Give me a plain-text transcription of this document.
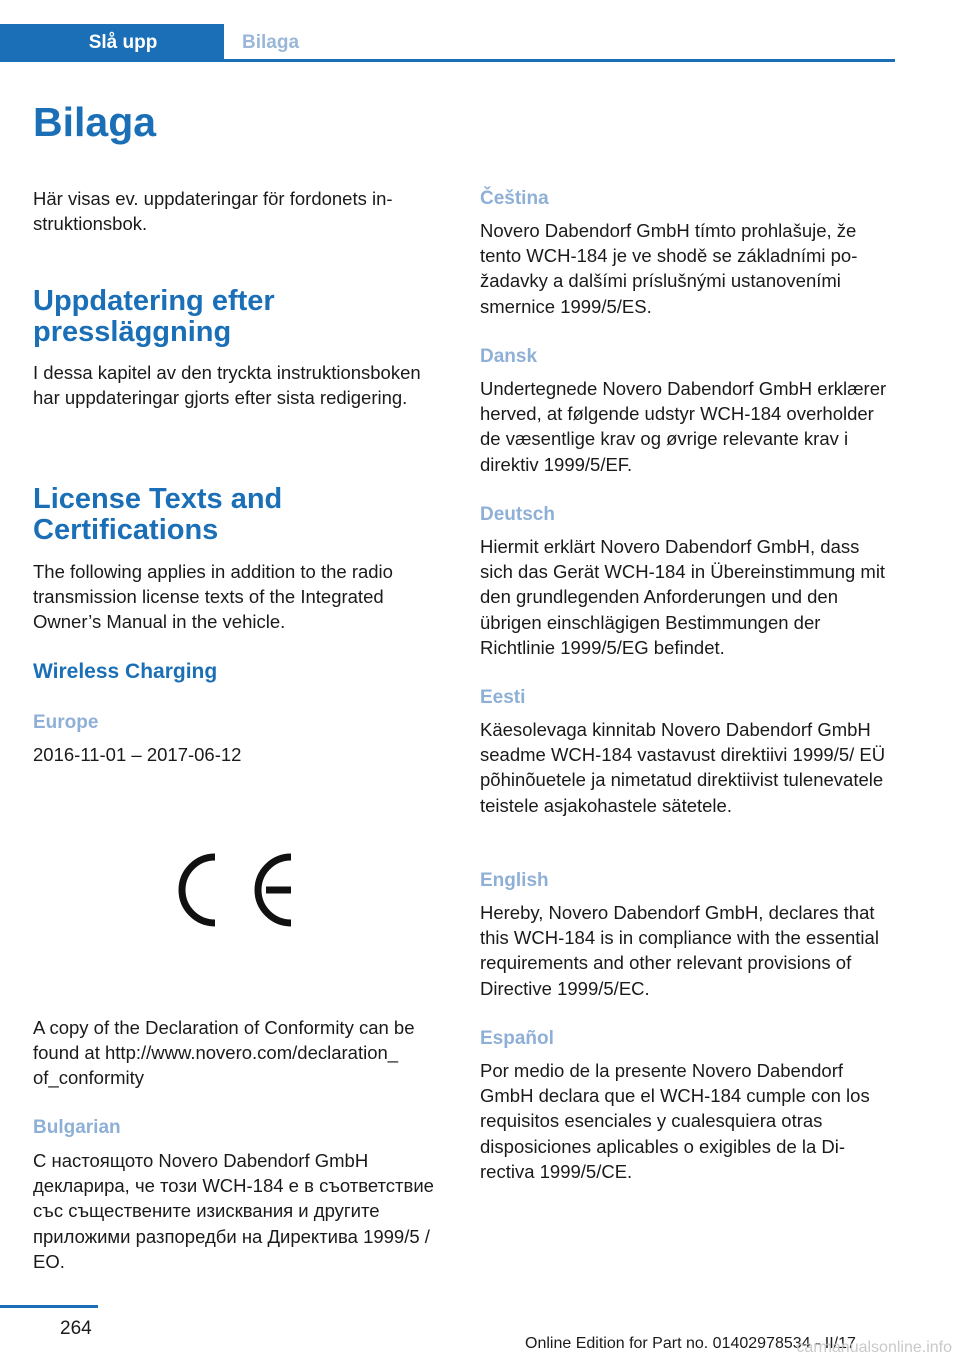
Slå upp	Bilaga
Bilaga

Här visas ev. uppdateringar för fordonets instruktionsbok.

Uppdatering efter pressläggning

I dessa kapitel av den tryckta instruktionsboken har uppdateringar gjorts efter sista redigering.

License Texts and Certifications

The following applies in addition to the radio transmission license texts of the Integrated Owner’s Manual in the vehicle.

Wireless Charging
Europe

2016-11-01 – 2017-06-12

A copy of the Declaration of Conformity can be found at http://www.novero.com/declaration_ of_conformity

Bulgarian

С настоящото Novero Dabendorf GmbH декларира, че този WCH-184 е в съответствие със съществените изисквания и другите приложими разпоредби на Директива 1999/5 / ЕО.

Čeština

Novero Dabendorf GmbH tímto prohlašuje, že tento WCH-184 je ve shodě se základními požadavky a dalšími príslušnými ustanoveními smernice 1999/5/ES.

Dansk

Undertegnede Novero Dabendorf GmbH erklærer herved, at følgende udstyr WCH-184 overholder de væsentlige krav og øvrige relevante krav i direktiv 1999/5/EF.

Deutsch

Hiermit erklärt Novero Dabendorf GmbH, dass sich das Gerät WCH-184 in Übereinstimmung mit den grundlegenden Anforderungen und den übrigen einschlägigen Bestimmungen der Richtlinie 1999/5/EG befindet.

Eesti

Käesolevaga kinnitab Novero Dabendorf GmbH seadme WCH-184 vastavust direktiivi 1999/5/ EÜ põhinõuetele ja nimetatud direktiivist tulenevatele teistele asjakohastele sätetele.

English

Hereby, Novero Dabendorf GmbH, declares that this WCH-184 is in compliance with the essential requirements and other relevant provisions of Directive 1999/5/EC.

Español

Por medio de la presente Novero Dabendorf GmbH declara que el WCH-184 cumple con los requisitos esenciales y cualesquiera otras disposiciones aplicables o exigibles de la Directiva 1999/5/CE.

264
Online Edition for Part no. 01402978534 - II/17
carmanualsonline.info
